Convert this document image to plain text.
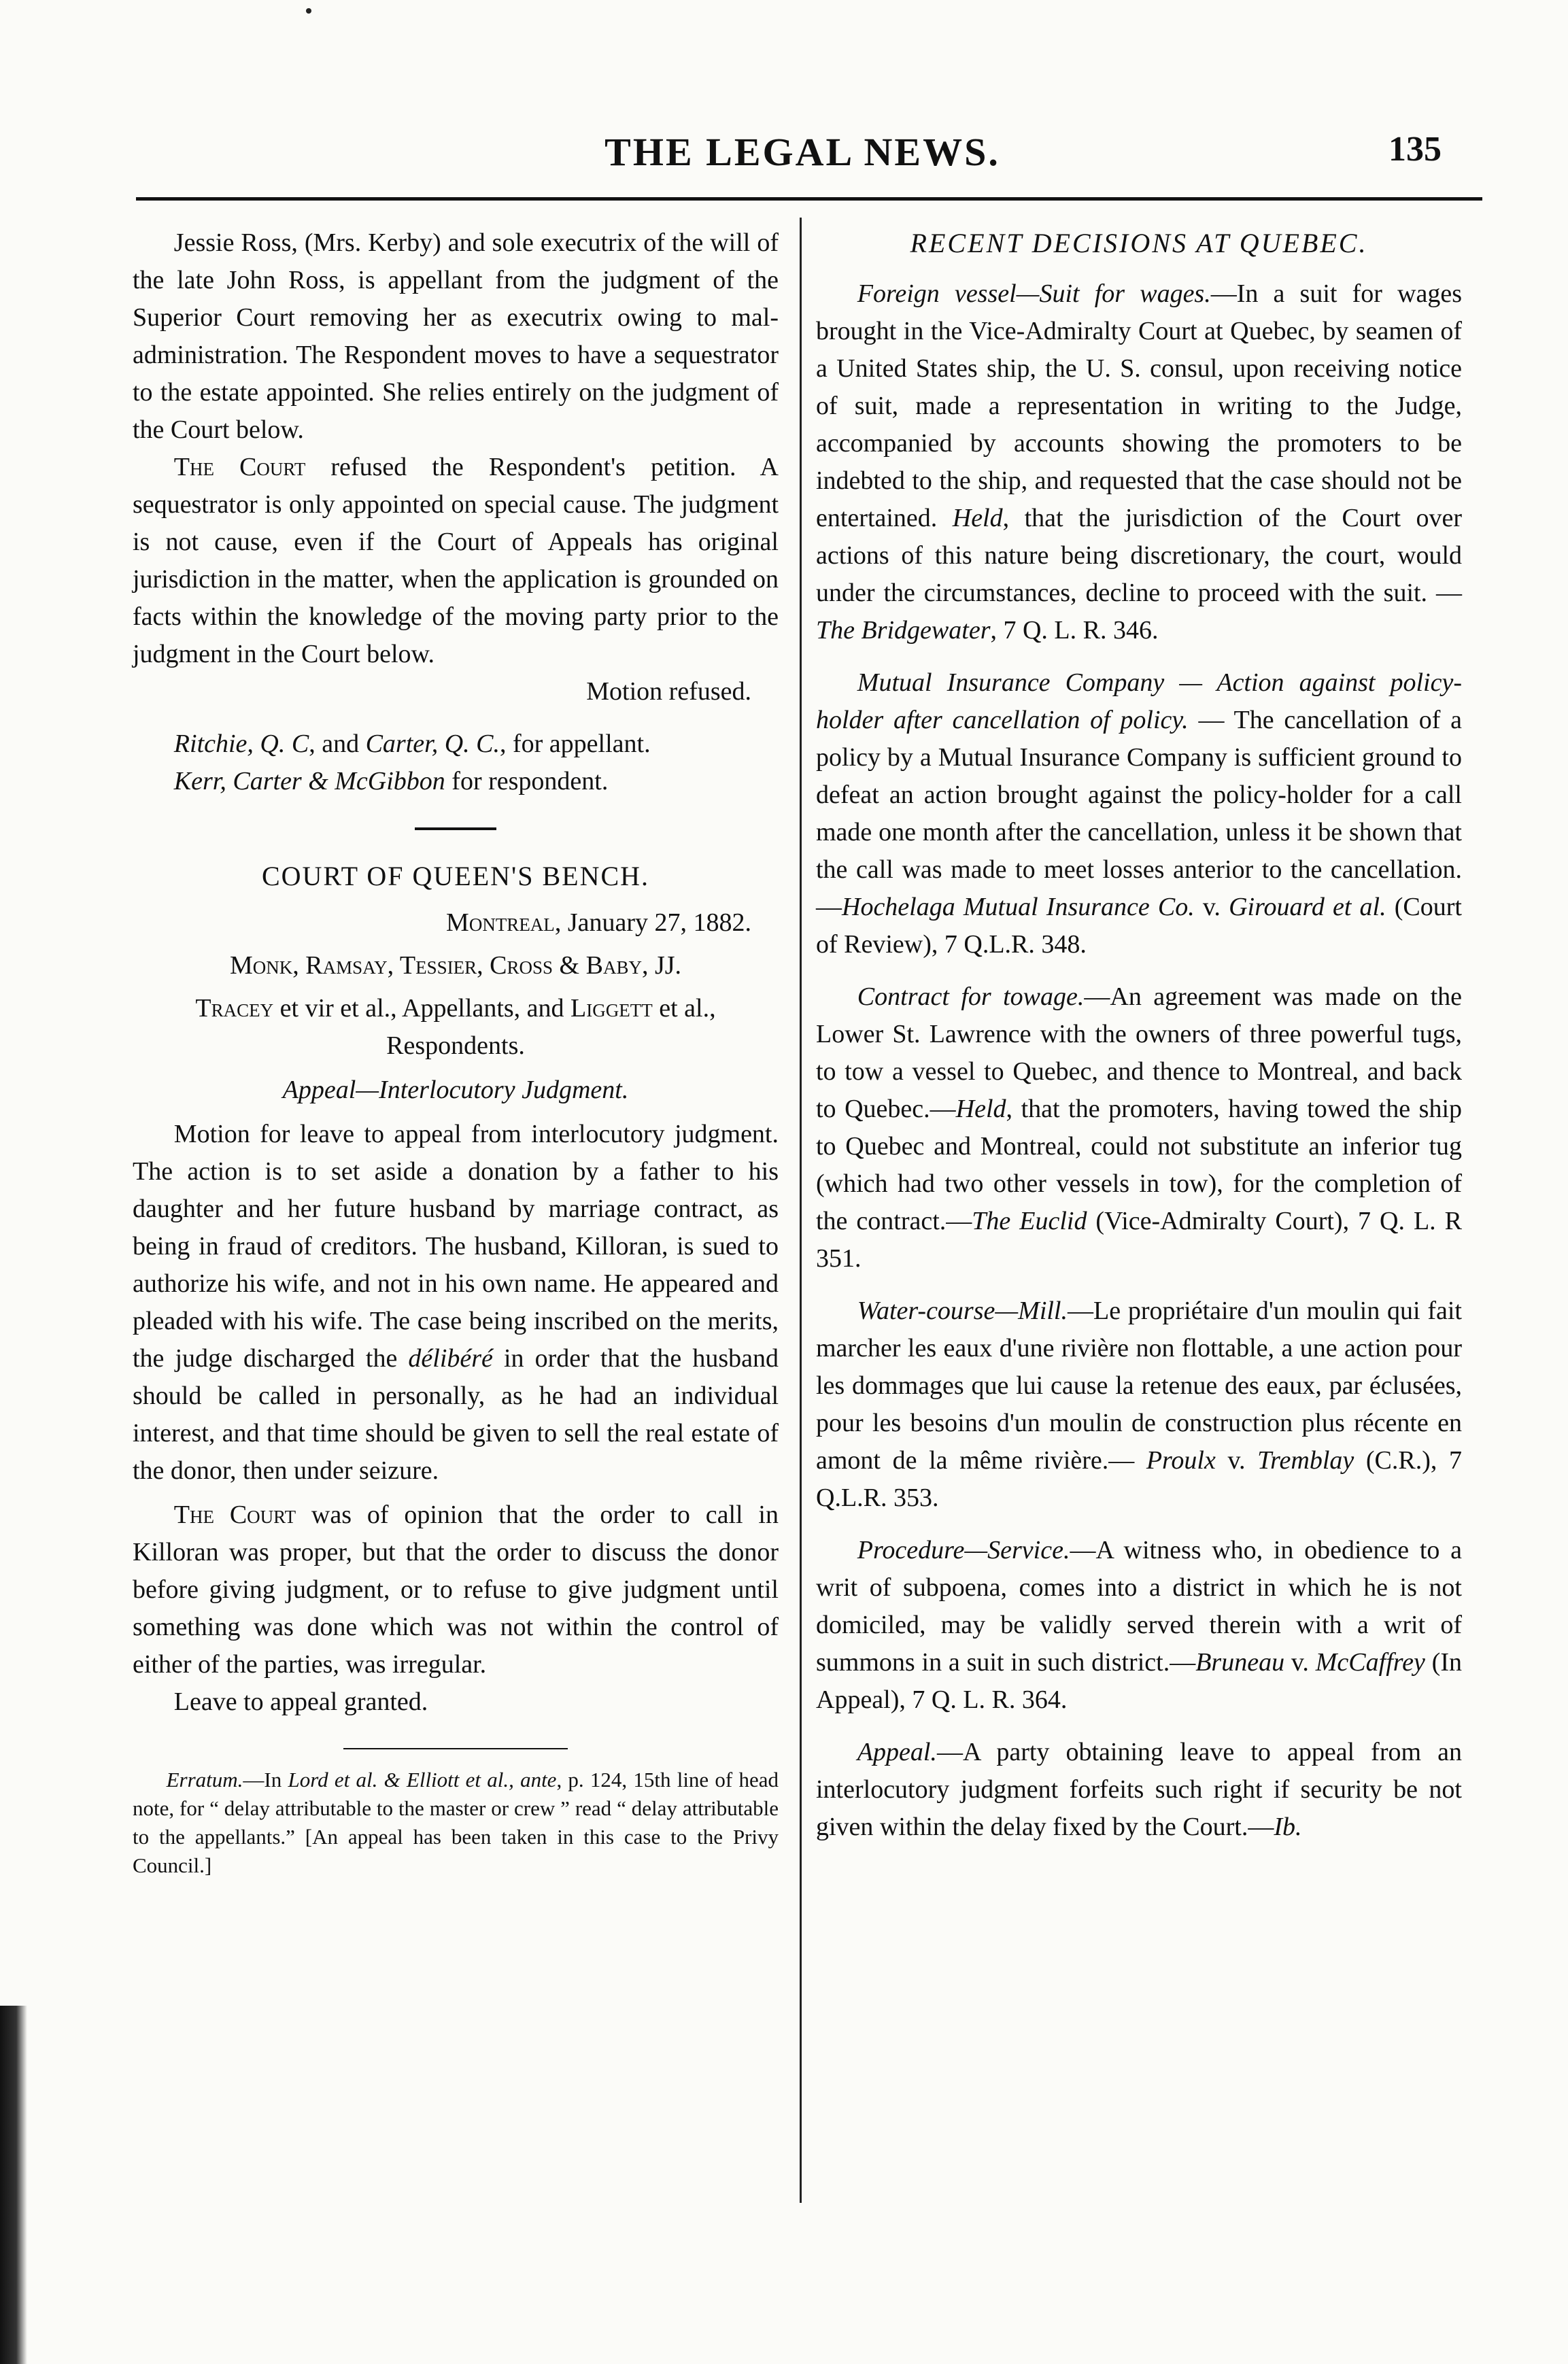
THE LEGAL NEWS.	135

Jessie Ross, (Mrs. Kerby) and sole executrix of the will of the late John Ross, is appellant from the judgment of the Superior Court removing her as executrix owing to mal-administration. The Respondent moves to have a sequestrator to the estate appointed. She relies entirely on the judgment of the Court below.

The Court refused the Respondent's petition. A sequestrator is only appointed on special cause. The judgment is not cause, even if the Court of Appeals has original jurisdiction in the matter, when the application is grounded on facts within the knowledge of the moving party prior to the judgment in the Court below.

Motion refused.

Ritchie, Q. C, and Carter, Q. C., for appellant.

Kerr, Carter & McGibbon for respondent.

COURT OF QUEEN'S BENCH.

Montreal, January 27, 1882.

Monk, Ramsay, Tessier, Cross & Baby, JJ.

Tracey et vir et al., Appellants, and Liggett et al., Respondents.

Appeal—Interlocutory Judgment.

Motion for leave to appeal from interlocutory judgment. The action is to set aside a donation by a father to his daughter and her future husband by marriage contract, as being in fraud of creditors. The husband, Killoran, is sued to authorize his wife, and not in his own name. He appeared and pleaded with his wife. The case being inscribed on the merits, the judge discharged the délibéré in order that the husband should be called in personally, as he had an individual interest, and that time should be given to sell the real estate of the donor, then under seizure.

The Court was of opinion that the order to call in Killoran was proper, but that the order to discuss the donor before giving judgment, or to refuse to give judgment until something was done which was not within the control of either of the parties, was irregular.

Leave to appeal granted.

Erratum.—In Lord et al. & Elliott et al., ante, p. 124, 15th line of head note, for “ delay attributable to the master or crew ” read “ delay attributable to the appellants.” [An appeal has been taken in this case to the Privy Council.]

RECENT DECISIONS AT QUEBEC.

Foreign vessel—Suit for wages.—In a suit for wages brought in the Vice-Admiralty Court at Quebec, by seamen of a United States ship, the U. S. consul, upon receiving notice of suit, made a representation in writing to the Judge, accompanied by accounts showing the promoters to be indebted to the ship, and requested that the case should not be entertained. Held, that the jurisdiction of the Court over actions of this nature being discretionary, the court, would under the circumstances, decline to proceed with the suit. —The Bridgewater, 7 Q. L. R. 346.

Mutual Insurance Company — Action against policy-holder after cancellation of policy. — The cancellation of a policy by a Mutual Insurance Company is sufficient ground to defeat an action brought against the policy-holder for a call made one month after the cancellation, unless it be shown that the call was made to meet losses anterior to the cancellation.—Hochelaga Mutual Insurance Co. v. Girouard et al. (Court of Review), 7 Q.L.R. 348.

Contract for towage.—An agreement was made on the Lower St. Lawrence with the owners of three powerful tugs, to tow a vessel to Quebec, and thence to Montreal, and back to Quebec.—Held, that the promoters, having towed the ship to Quebec and Montreal, could not substitute an inferior tug (which had two other vessels in tow), for the completion of the contract.—The Euclid (Vice-Admiralty Court), 7 Q. L. R 351.

Water-course—Mill.—Le propriétaire d'un moulin qui fait marcher les eaux d'une rivière non flottable, a une action pour les dommages que lui cause la retenue des eaux, par éclusées, pour les besoins d'un moulin de construction plus récente en amont de la même rivière.— Proulx v. Tremblay (C.R.), 7 Q.L.R. 353.

Procedure—Service.—A witness who, in obedience to a writ of subpoena, comes into a district in which he is not domiciled, may be validly served therein with a writ of summons in a suit in such district.—Bruneau v. McCaffrey (In Appeal), 7 Q. L. R. 364.

Appeal.—A party obtaining leave to appeal from an interlocutory judgment forfeits such right if security be not given within the delay fixed by the Court.—Ib.
